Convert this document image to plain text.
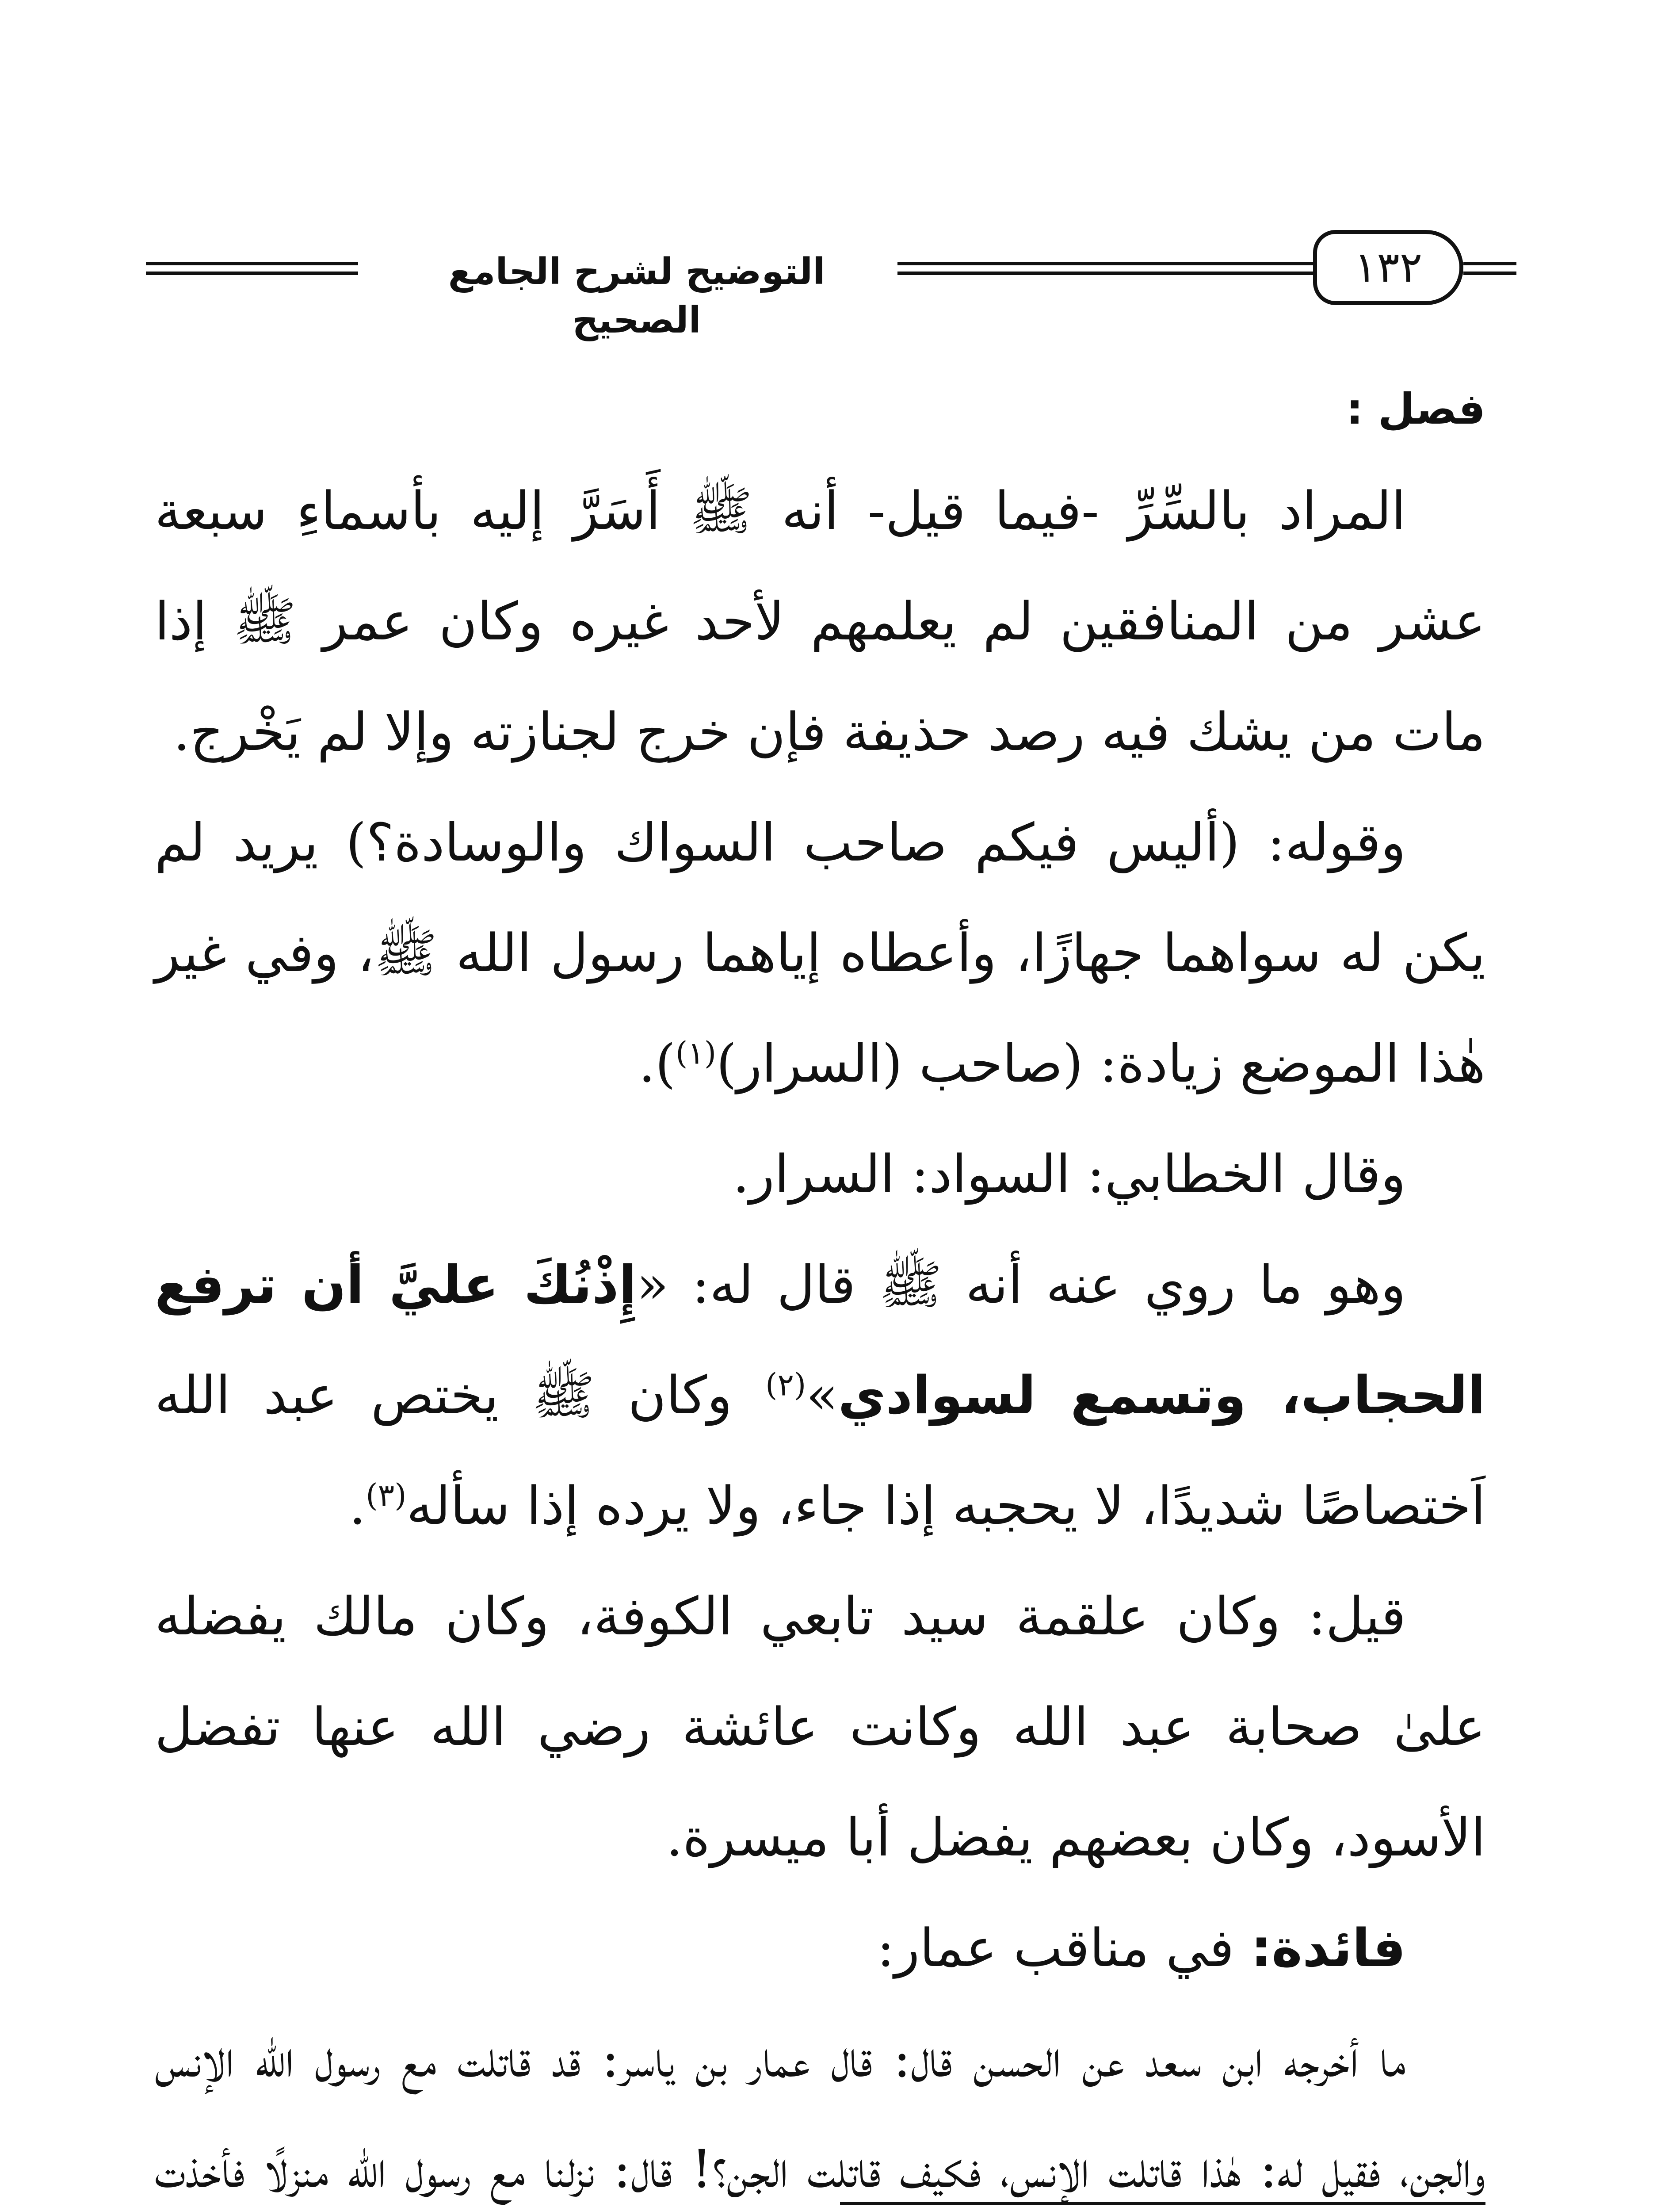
التوضيح لشرح الجامع الصحيح
١٣٢

فصل :

المراد بالسِّرِّ -فيما قيل- أنه ﷺ أَسَرَّ إليه بأسماءِ سبعة عشر من المنافقين لم يعلمهم لأحد غيره وكان عمر ﷺ إذا مات من يشك فيه رصد حذيفة فإن خرج لجنازته وإلا لم يَخْرج.

وقوله: (أليس فيكم صاحب السواك والوسادة؟) يريد لم يكن له سواهما جهازًا، وأعطاه إياهما رسول الله ﷺ، وفي غير هٰذا الموضع زيادة: (صاحب (السرار)$^{(١)}$).

وقال الخطابي: السواد: السرار.

وهو ما روي عنه أنه ﷺ قال له: «إِذْنُكَ عليَّ أن ترفع الحجاب، وتسمع لسوادي»$^{(٢)}$ وكان ﷺ يختص عبد الله اَختصاصًا شديدًا، لا يحجبه إذا جاء، ولا يرده إذا سأله$^{(٣)}$.

قيل: وكان علقمة سيد تابعي الكوفة، وكان مالك يفضله علىٰ صحابة عبد الله وكانت عائشة رضي الله عنها تفضل الأسود، وكان بعضهم يفضل أبا ميسرة.

فائدة: في مناقب عمار:

ما أخرجه ابن سعد عن الحسن قال: قال عمار بن ياسر: قد قاتلت مع رسول الله الإنس والجن، فقيل له: هٰذا قاتلت الإنس، فكيف قاتلت الجن؟! قال: نزلنا مع رسول الله منزلًا فأخذت
